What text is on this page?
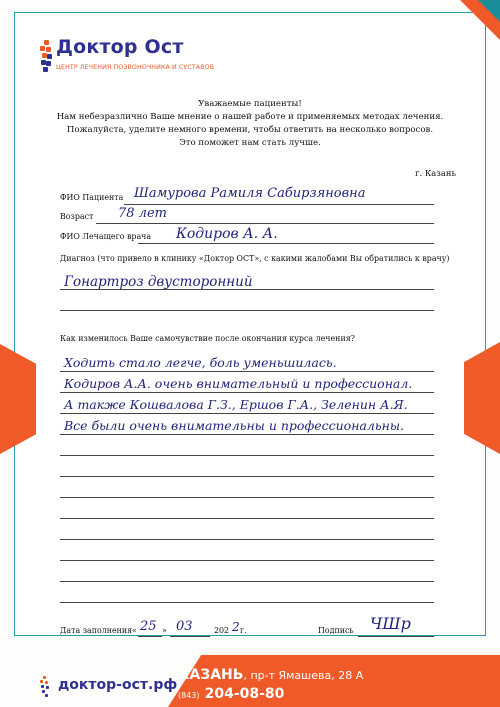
Доктор Ост
ЦЕНТР ЛЕЧЕНИЯ ПОЗВОНОЧНИКА И СУСТАВОВ
Уважаемые пациенты!
Нам небезразлично Ваше мнение о нашей работе и применяемых методах лечения.
Пожалуйста, уделите немного времени, чтобы ответить на несколько вопросов.
Это поможет нам стать лучше.
г. Казань
ФИО Пациента Шамурова Рамиля Сабирзяновна
Возраст 78 лет
ФИО Лечащего врача Кодиров А. А.
Диагноз (что привело в клинику «Доктор ОСТ», с какими жалобами Вы обратились к врачу)
Гонартроз двусторонний
Как изменилось Ваше самочувствие после окончания курса лечения?
Ходить стало легче, боль уменьшилась.
Кодиров А.А. очень внимательный и профессионал.
А также Кошвалова Г.З., Ершов Г.А., Зеленин А.Я.
Все были очень внимательны и профессиональны.
Дата заполнения « 25 » 03	202 2 г.	Подпись ЧШр
доктор-ост.рф
КАЗАНЬ, пр-т Ямашева, 28 А
(843) 204-08-80
